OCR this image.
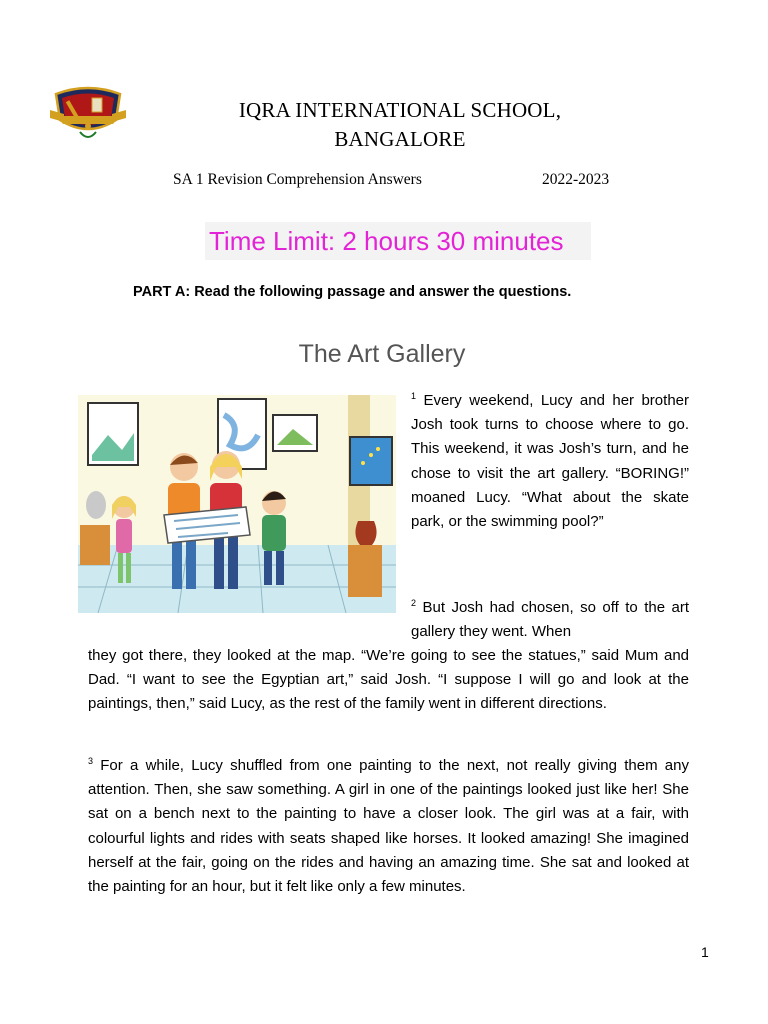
IQRA INTERNATIONAL SCHOOL,
BANGALORE
SA 1 Revision Comprehension Answers	2022-2023
Time Limit: 2 hours 30 minutes
PART A: Read the following passage and answer the questions.
The Art Gallery
$^1$ Every weekend, Lucy and her brother Josh took turns to choose where to go. This weekend, it was Josh’s turn, and he chose to visit the art gallery. “BORING!” moaned Lucy. “What about the skate park, or the swimming pool?”
$^2$ But Josh had chosen, so off to the art gallery they went. When
they got there, they looked at the map. “We’re going to see the statues,” said Mum and Dad. “I want to see the Egyptian art,” said Josh. “I suppose I will go and look at the paintings, then,” said Lucy, as the rest of the family went in different directions.
$^3$ For a while, Lucy shuffled from one painting to the next, not really giving them any attention. Then, she saw something. A girl in one of the paintings looked just like her! She sat on a bench next to the painting to have a closer look. The girl was at a fair, with colourful lights and rides with seats shaped like horses. It looked amazing! She imagined herself at the fair, going on the rides and having an amazing time. She sat and looked at the painting for an hour, but it felt like only a few minutes.
1
